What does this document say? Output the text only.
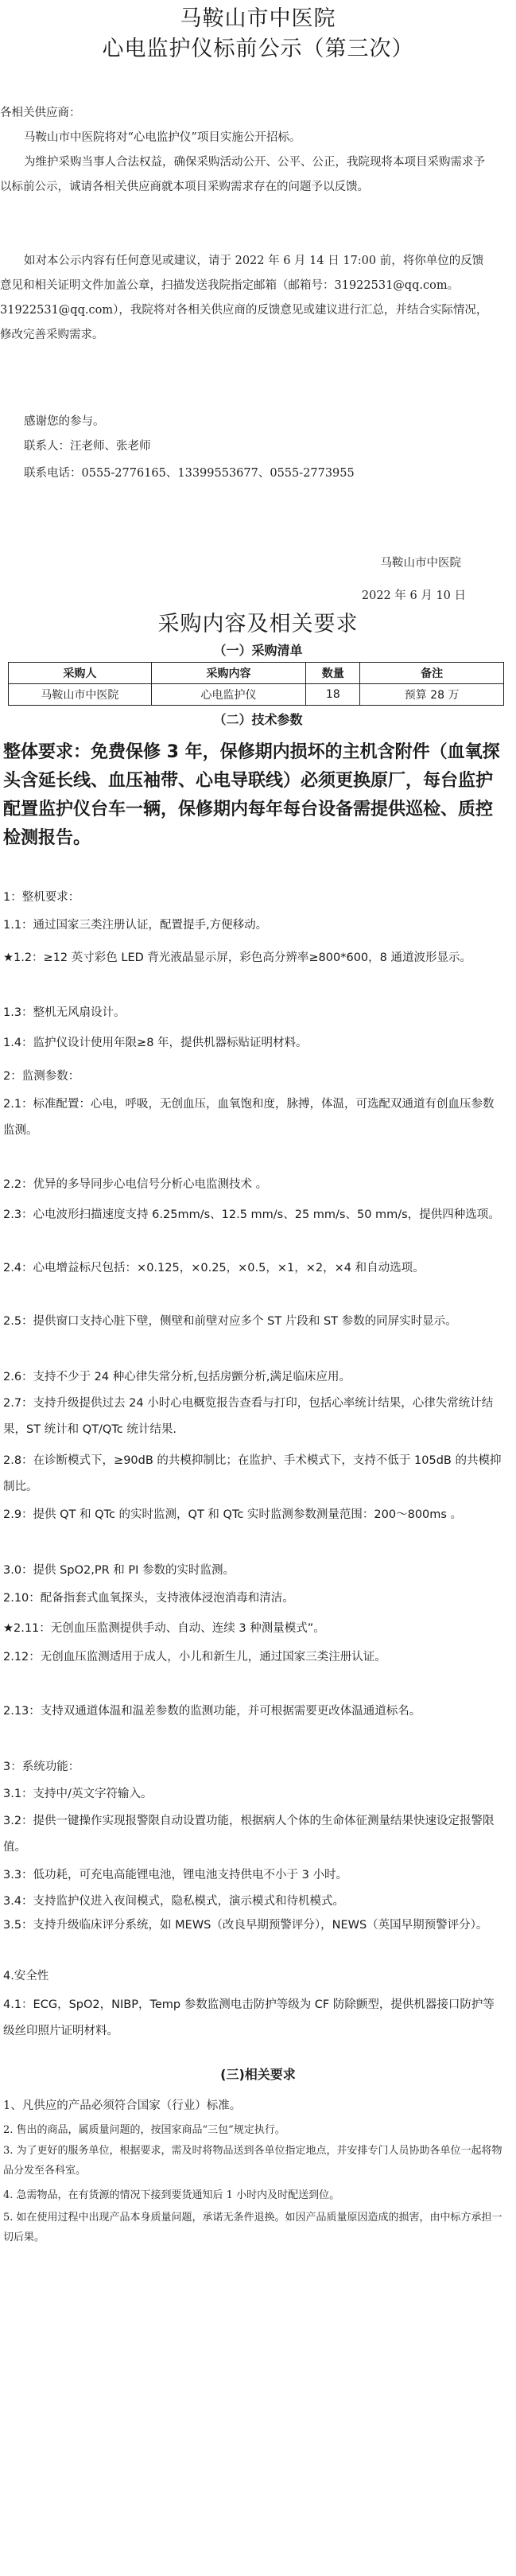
马鞍山市中医院
心电监护仪标前公示（第三次）

各相关供应商：

马鞍山市中医院将对“心电监护仪”项目实施公开招标。

为维护采购当事人合法权益，确保采购活动公开、公平、公正，我院现将本项目采购需求予以标前公示，诚请各相关供应商就本项目采购需求存在的问题予以反馈。

如对本公示内容有任何意见或建议，请于 2022 年 6 月 14 日 17:00 前，将你单位的反馈意见和相关证明文件加盖公章，扫描发送我院指定邮箱（邮箱号：31922531@qq.com。31922531@qq.com），我院将对各相关供应商的反馈意见或建议进行汇总，并结合实际情况，修改完善采购需求。

感谢您的参与。

联系人：汪老师、张老师

联系电话：0555-2776165、13399553677、0555-2773955

马鞍山市中医院
2022 年 6 月 10 日
采购内容及相关要求
（一）采购清单
采购人	采购内容	数量	备注
马鞍山市中医院	心电监护仪	18	预算 28 万
（二）技术参数
整体要求：免费保修 3 年，保修期内损坏的主机含附件（血氧探头含延长线、血压袖带、心电导联线）必须更换原厂，每台监护配置监护仪台车一辆，保修期内每年每台设备需提供巡检、质控检测报告。

1：整机要求：

1.1：通过国家三类注册认证，配置提手,方便移动。

★1.2：≥12 英寸彩色 LED 背光液晶显示屏，彩色高分辨率≥800*600，8 通道波形显示。

1.3：整机无风扇设计。

1.4：监护仪设计使用年限≥8 年，提供机器标贴证明材料。

2：监测参数：

2.1：标准配置：心电，呼吸，无创血压，血氧饱和度，脉搏，体温，可选配双通道有创血压参数监测。

2.2：优异的多导同步心电信号分析心电监测技术 。

2.3：心电波形扫描速度支持 6.25mm/s、12.5 mm/s、25 mm/s、50 mm/s，提供四种选项。

2.4：心电增益标尺包括：×0.125，×0.25，×0.5，×1，×2，×4 和自动选项。

2.5：提供窗口支持心脏下壁，侧壁和前壁对应多个 ST 片段和 ST 参数的同屏实时显示。

2.6：支持不少于 24 种心律失常分析,包括房颤分析,满足临床应用。

2.7：支持升级提供过去 24 小时心电概览报告查看与打印，包括心率统计结果，心律失常统计结果，ST 统计和 QT/QTc 统计结果.

2.8：在诊断模式下，≥90dB 的共模抑制比；在监护、手术模式下，支持不低于 105dB 的共模抑制比。

2.9：提供 QT 和 QTc 的实时监测，QT 和 QTc 实时监测参数测量范围：200～800ms 。

3.0：提供 SpO2,PR 和 PI 参数的实时监测。

2.10：配备指套式血氧探头，支持液体浸泡消毒和清洁。

★2.11：无创血压监测提供手动、自动、连续 3 种测量模式”。

2.12：无创血压监测适用于成人，小儿和新生儿，通过国家三类注册认证。

2.13：支持双通道体温和温差参数的监测功能，并可根据需要更改体温通道标名。

3：系统功能：

3.1：支持中/英文字符输入。

3.2：提供一键操作实现报警限自动设置功能，根据病人个体的生命体征测量结果快速设定报警限值。

3.3：低功耗，可充电高能锂电池，锂电池支持供电不小于 3 小时。

3.4：支持监护仪进入夜间模式，隐私模式，演示模式和待机模式。

3.5：支持升级临床评分系统，如 MEWS（改良早期预警评分），NEWS（英国早期预警评分）。

4.安全性

4.1：ECG，SpO2，NIBP，Temp 参数监测电击防护等级为 CF 防除颤型，提供机器接口防护等级丝印照片证明材料。

(三)相关要求

1、凡供应的产品必须符合国家（行业）标准。

2. 售出的商品，属质量问题的，按国家商品“三包”规定执行。

3. 为了更好的服务单位，根据要求，需及时将物品送到各单位指定地点，并安排专门人员协助各单位一起将物品分发至各科室。

4. 急需物品，在有货源的情况下接到要货通知后 1 小时内及时配送到位。

5. 如在使用过程中出现产品本身质量问题，承诺无条件退换。如因产品质量原因造成的损害，由中标方承担一切后果。
